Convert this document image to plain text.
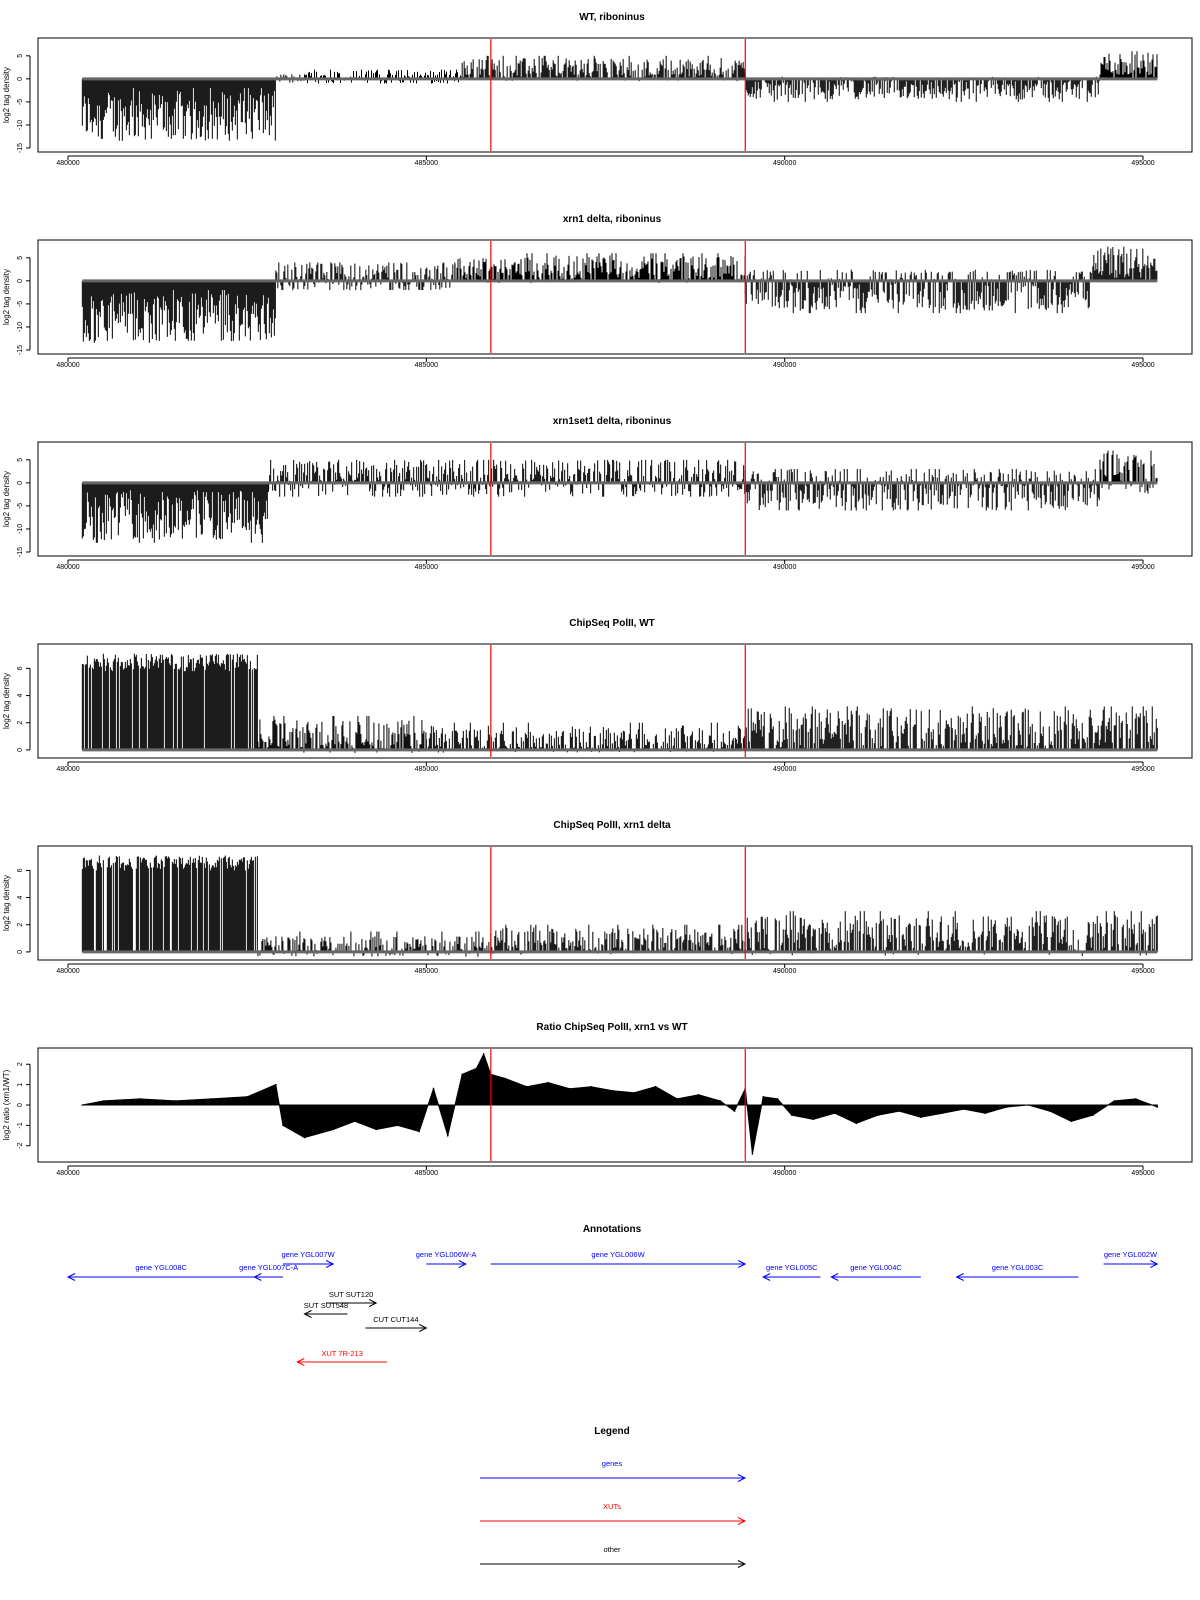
WT, riboninus
5
0
-5
-10
-15
log2 tag density
480000	485000	490000	495000
xrn1 delta, riboninus
5
0
-5
-10
-15
log2 tag density
480000	485000	490000	495000
xrn1set1 delta, riboninus
5
0
-5
-10
-15
log2 tag density
480000	485000	490000	495000
ChipSeq PolII, WT
0
2
4
6
log2 tag density
480000	485000	490000	495000
ChipSeq PolII, xrn1 delta
0
2
4
6
log2 tag density
480000	485000	490000	495000
Ratio ChipSeq PolII, xrn1 vs WT
2
1
0
-1
-2
log2 ratio (xrn1/WT)
480000	485000	490000	495000
Annotations
gene YGL008C	gene YGL007C-A
gene YGL007W	gene YGL006W-A	gene YGL006W
gene YGL005C	gene YGL004C	gene YGL003C
gene YGL002W
SUT SUT120
SUT SUT548
CUT CUT144
XUT 7R-213
Legend
genes
XUTs
other
